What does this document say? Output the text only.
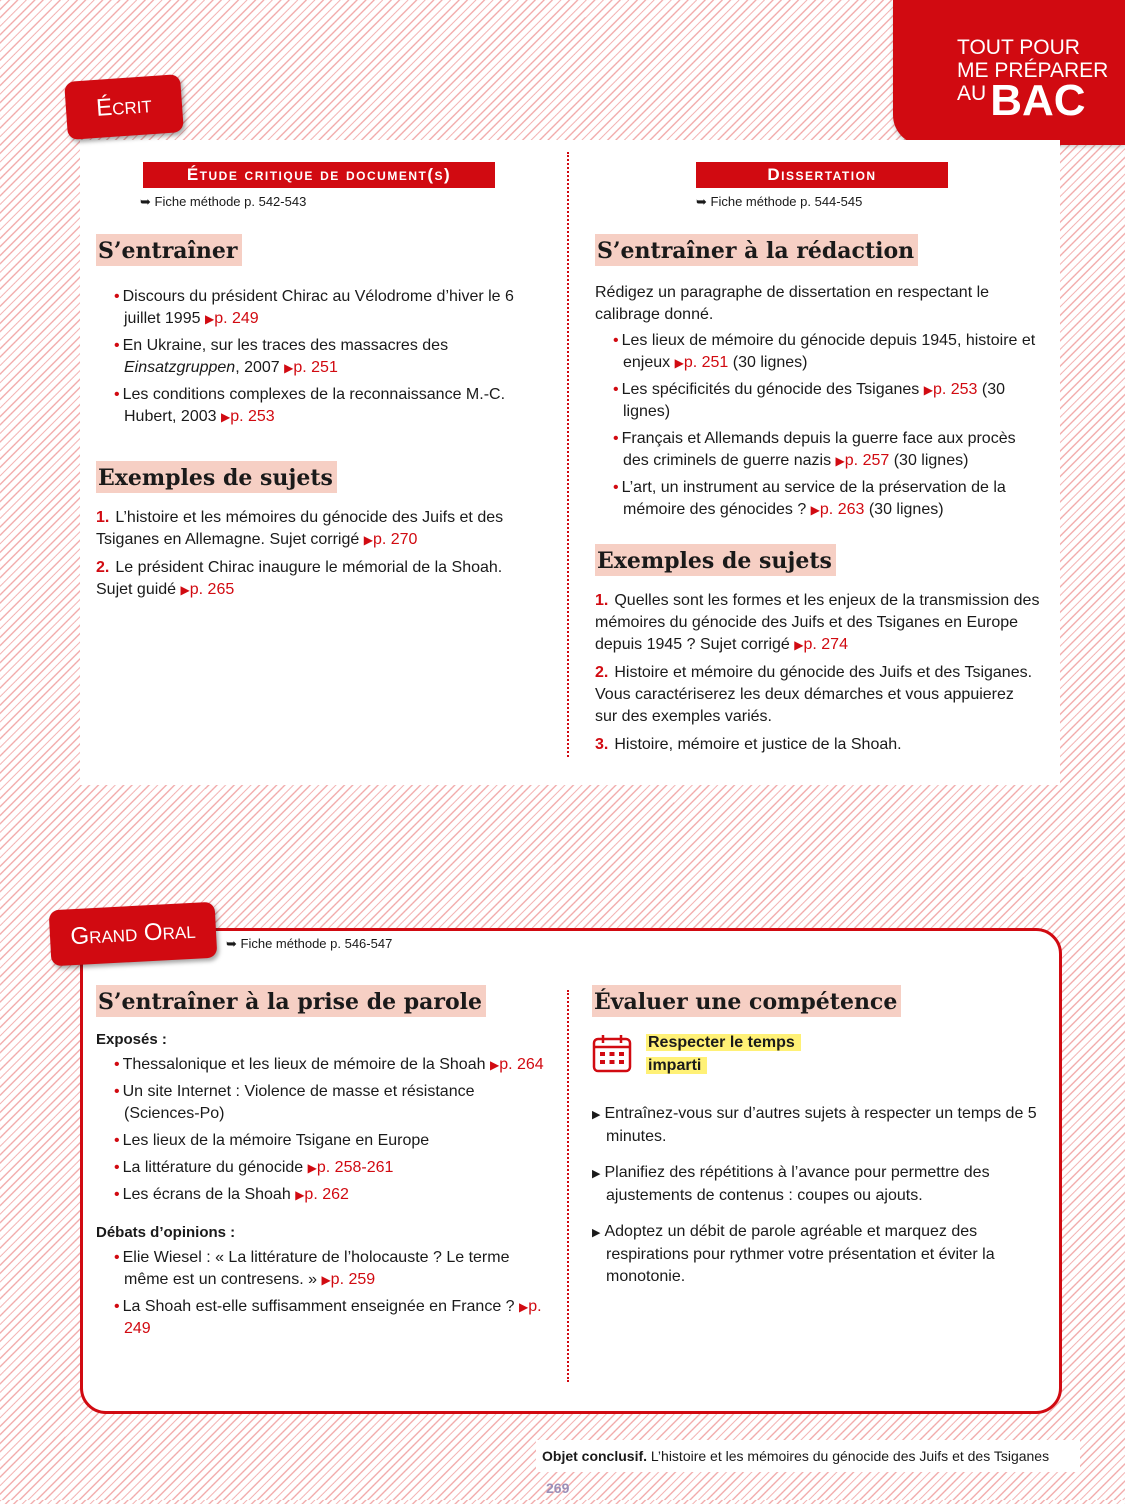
TOUT POUR
ME PRÉPARER
AUBAC
Écrit
Étude critique de document(s)
➥ Fiche méthode p. 542-543
S’entraîner
• Discours du président Chirac au Vélodrome d’hiver le 6 juillet 1995 ▶p. 249
• En Ukraine, sur les traces des massacres des Einsatzgruppen, 2007 ▶p. 251
• Les conditions complexes de la reconnaissance M.-C. Hubert, 2003 ▶p. 253
Exemples de sujets

1. L’histoire et les mémoires du génocide des Juifs et des Tsiganes en Allemagne. Sujet corrigé ▶p. 270

2. Le président Chirac inaugure le mémorial de la Shoah. Sujet guidé ▶p. 265

Dissertation
➥ Fiche méthode p. 544-545
S’entraîner à la rédaction

Rédigez un paragraphe de dissertation en respectant le calibrage donné.

• Les lieux de mémoire du génocide depuis 1945, histoire et enjeux ▶p. 251 (30 lignes)
• Les spécificités du génocide des Tsiganes ▶p. 253 (30 lignes)
• Français et Allemands depuis la guerre face aux procès des criminels de guerre nazis ▶p. 257 (30 lignes)
• L’art, un instrument au service de la préservation de la mémoire des génocides ? ▶p. 263 (30 lignes)
Exemples de sujets

1. Quelles sont les formes et les enjeux de la transmission des mémoires du génocide des Juifs et des Tsiganes en Europe depuis 1945 ? Sujet corrigé ▶p. 274

2. Histoire et mémoire du génocide des Juifs et des Tsiganes. Vous caractériserez les deux démarches et vous appuierez sur des exemples variés.

3. Histoire, mémoire et justice de la Shoah.

Grand Oral	➥ Fiche méthode p. 546-547
S’entraîner à la prise de parole
Exposés :
• Thessalonique et les lieux de mémoire de la Shoah ▶p. 264
• Un site Internet : Violence de masse et résistance (Sciences-Po)
• Les lieux de la mémoire Tsigane en Europe
• La littérature du génocide ▶p. 258-261
• Les écrans de la Shoah ▶p. 262
Débats d’opinions :
• Elie Wiesel : « La littérature de l’holocauste ? Le terme même est un contresens. » ▶p. 259
• La Shoah est-elle suffisamment enseignée en France ? ▶p. 249
Évaluer une compétence
Respecter le temps
imparti

▶ Entraînez-vous sur d’autres sujets à respecter un temps de 5 minutes.

▶ Planifiez des répétitions à l’avance pour permettre des ajustements de contenus : coupes ou ajouts.

▶ Adoptez un débit de parole agréable et marquez des respirations pour rythmer votre présentation et éviter la monotonie.

Objet conclusif. L’histoire et les mémoires du génocide des Juifs et des Tsiganes 269
